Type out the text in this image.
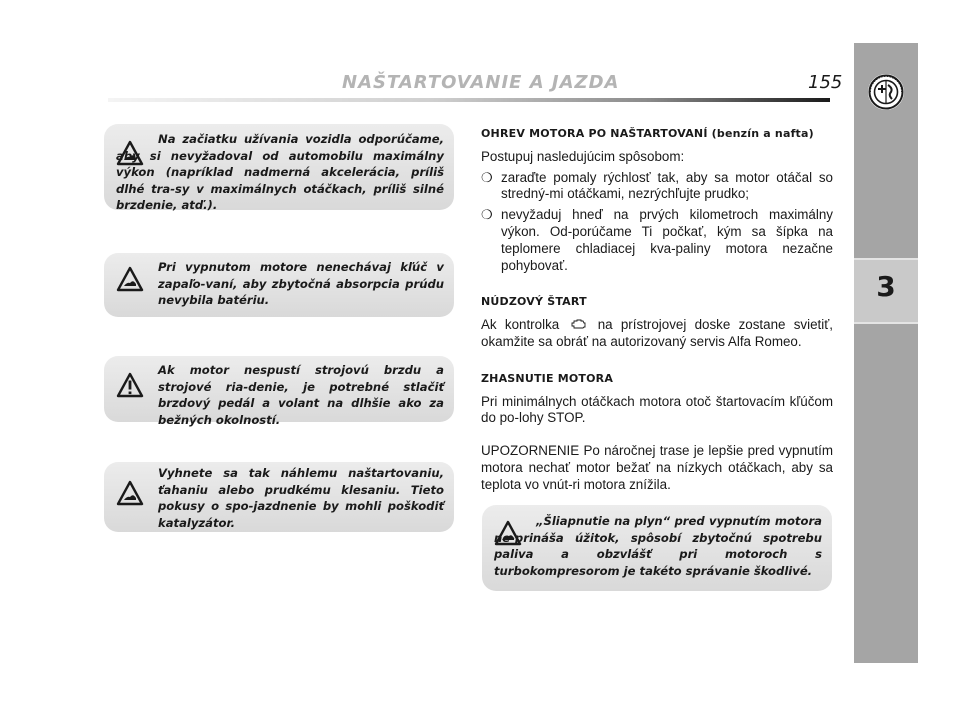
NAŠTARTOVANIE A JAZDA	155
3
Na začiatku užívania vozidla odporúčame, aby si nevyžadoval od automobilu maximálny výkon (napríklad nadmerná akcelerácia, príliš dlhé tra-sy v maximálnych otáčkach, príliš silné brzdenie, atď.).
Pri vypnutom motore nenechávaj kľúč v zapaľo-vaní, aby zbytočná absorpcia prúdu nevybila batériu.
Ak motor nespustí strojovú brzdu a strojové ria-denie, je potrebné stlačiť brzdový pedál a volant na dlhšie ako za bežných okolností.
Vyhnete sa tak náhlemu naštartovaniu, ťahaniu alebo prudkému klesaniu. Tieto pokusy o spo-jazdnenie by mohli poškodiť katalyzátor.	„Šliapnutie na plyn“ pred vypnutím motora ne-prináša úžitok, spôsobí zbytočnú spotrebu paliva a obzvlášť pri motoroch s turbokompresorom je takéto správanie škodlivé.

OHREV MOTORA PO NAŠTARTOVANÍ (benzín a nafta)

Postupuj nasledujúcim spôsobom:

❍ zaraďte pomaly rýchlosť tak, aby sa motor otáčal so stredný-mi otáčkami, nezrýchľujte prudko;

❍ nevyžaduj hneď na prvých kilometroch maximálny výkon. Od-porúčame Ti počkať, kým sa šípka na teplomere chladiacej kva-paliny motora nezačne pohybovať.

NÚDZOVÝ ŠTART

Ak kontrolka	na prístrojovej doske zostane svietiť, okamžite sa obráť na autorizovaný servis Alfa Romeo.

ZHASNUTIE MOTORA

Pri minimálnych otáčkach motora otoč štartovacím kľúčom do po-lohy STOP.

UPOZORNENIE Po náročnej trase je lepšie pred vypnutím motora nechať motor bežať na nízkych otáčkach, aby sa teplota vo vnút-ri motora znížila.
